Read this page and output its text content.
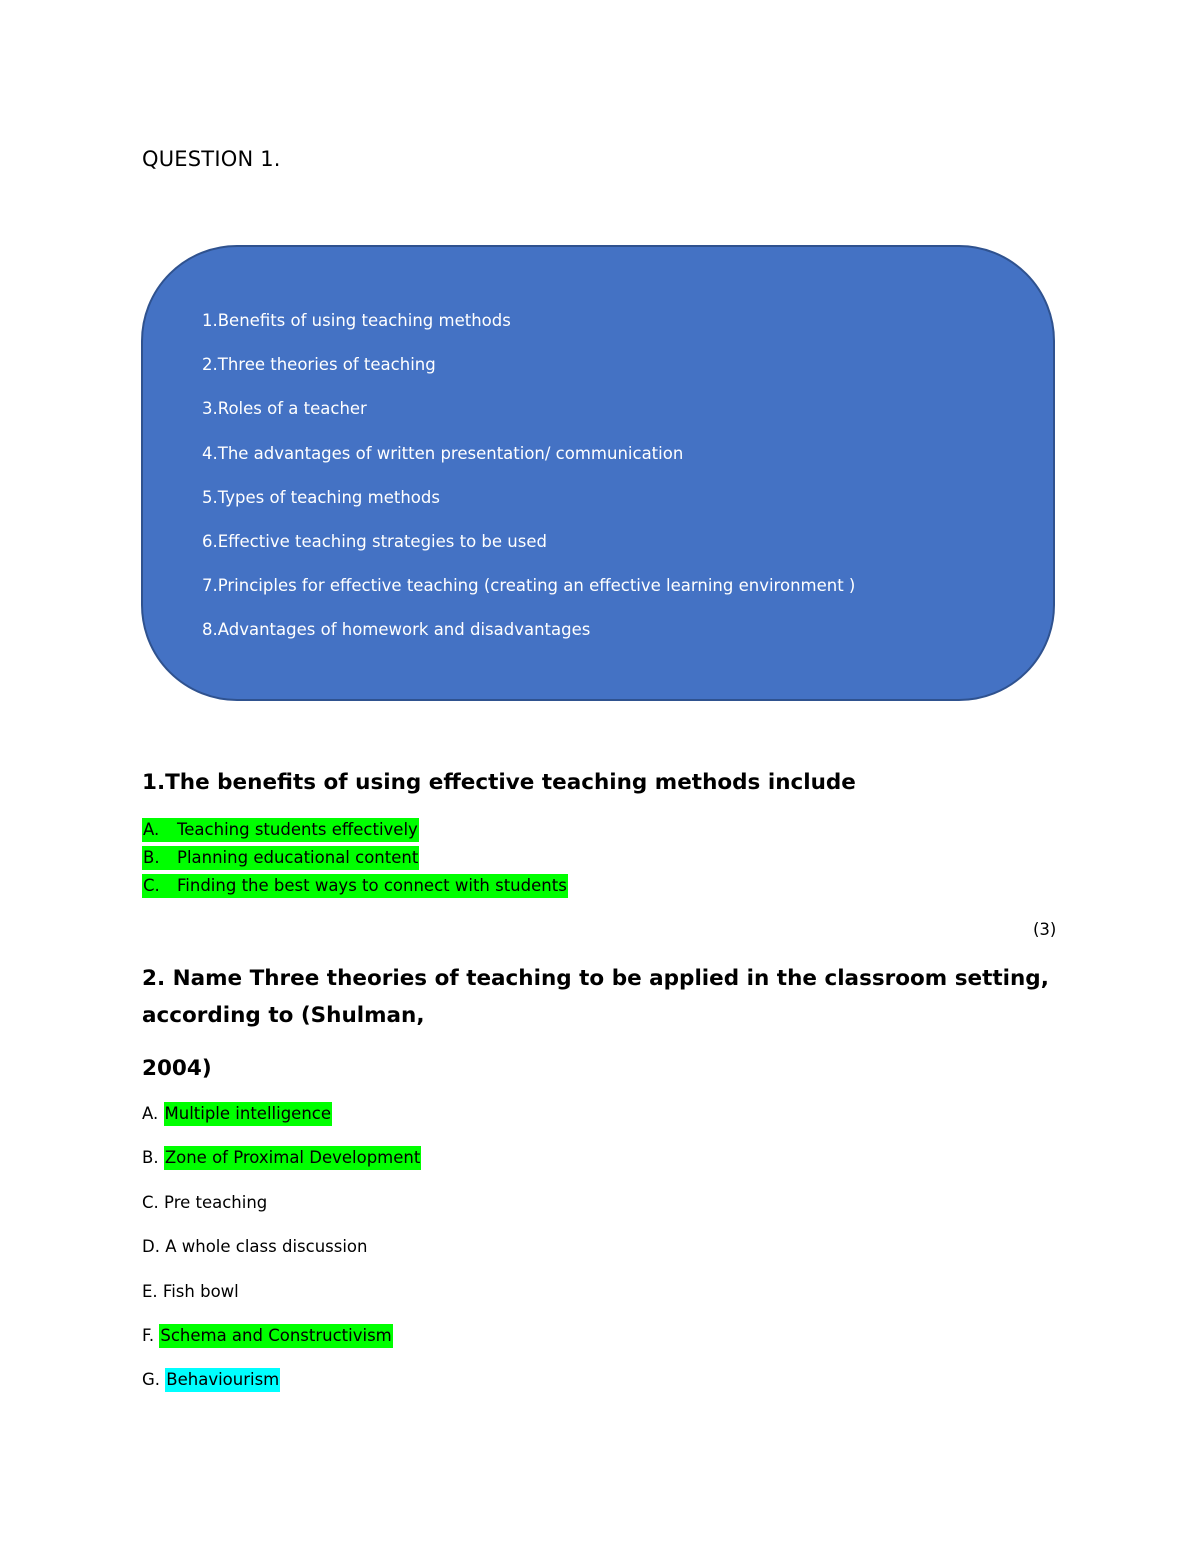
QUESTION 1.
1.Benefits of using teaching methods
2.Three theories of teaching
3.Roles of a teacher
4.The advantages of written presentation/ communication
5.Types of teaching methods
6.Effective teaching strategies to be used
7.Principles for effective teaching (creating an effective learning environment )
8.Advantages of homework and disadvantages
1.The benefits of using effective teaching methods include
A. Teaching students effectively
B. Planning educational content
C. Finding the best ways to connect with students
(3)
2. Name Three theories of teaching to be applied in the classroom setting,
according to (Shulman,
2004)
A. Multiple intelligence
B. Zone of Proximal Development
C. Pre teaching
D. A whole class discussion
E. Fish bowl
F. Schema and Constructivism
G. Behaviourism
